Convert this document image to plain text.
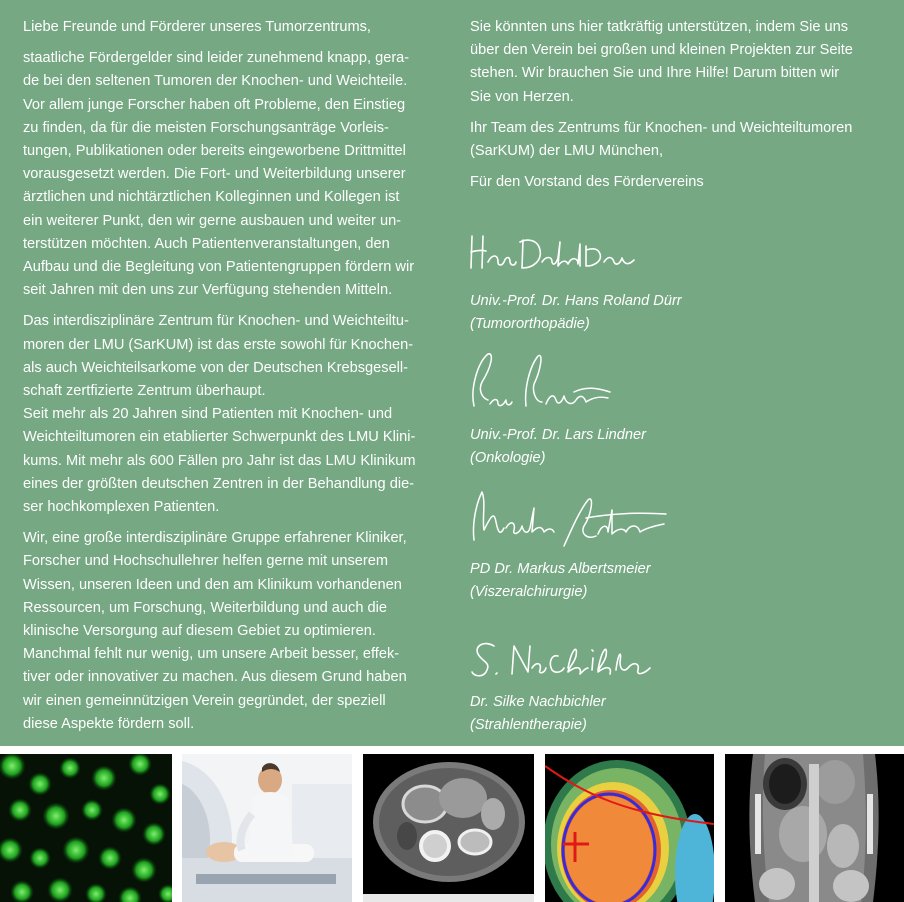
Liebe Freunde und Förderer unseres Tumorzentrums,

staatliche Fördergelder sind leider zunehmend knapp, gera-
de bei den seltenen Tumoren der Knochen- und Weichteile.
Vor allem junge Forscher haben oft Probleme, den Einstieg
zu finden, da für die meisten Forschungsanträge Vorleis-
tungen, Publikationen oder bereits eingeworbene Drittmittel
vorausgesetzt werden. Die Fort- und Weiterbildung unserer
ärztlichen und nichtärztlichen Kolleginnen und Kollegen ist
ein weiterer Punkt, den wir gerne ausbauen und weiter un-
terstützen möchten. Auch Patientenveranstaltungen, den
Aufbau und die Begleitung von Patientengruppen fördern wir
seit Jahren mit den uns zur Verfügung stehenden Mitteln.

Das interdisziplinäre Zentrum für Knochen- und Weichteiltu-
moren der LMU (SarKUM) ist das erste sowohl für Knochen-
als auch Weichteilsarkome von der Deutschen Krebsgesell-
schaft zertfizierte Zentrum überhaupt.
Seit mehr als 20 Jahren sind Patienten mit Knochen- und
Weichteiltumoren ein etablierter Schwerpunkt des LMU Klini-
kums. Mit mehr als 600 Fällen pro Jahr ist das LMU Klinikum
eines der größten deutschen Zentren in der Behandlung die-
ser hochkomplexen Patienten.

Wir, eine große interdisziplinäre Gruppe erfahrener Kliniker,
Forscher und Hochschullehrer helfen gerne mit unserem
Wissen, unseren Ideen und den am Klinikum vorhandenen
Ressourcen, um Forschung, Weiterbildung und auch die
klinische Versorgung auf diesem Gebiet zu optimieren.
Manchmal fehlt nur wenig, um unsere Arbeit besser, effek-
tiver oder innovativer zu machen. Aus diesem Grund haben
wir einen gemeinnützigen Verein gegründet, der speziell
diese Aspekte fördern soll.

Sie könnten uns hier tatkräftig unterstützen, indem Sie uns
über den Verein bei großen und kleinen Projekten zur Seite
stehen. Wir brauchen Sie und Ihre Hilfe! Darum bitten wir
Sie von Herzen.

Ihr Team des Zentrums für Knochen- und Weichteiltumoren
(SarKUM) der LMU München,

Für den Vorstand des Fördervereins

Univ.-Prof. Dr. Hans Roland Dürr
(Tumororthopädie)
Univ.-Prof. Dr. Lars Lindner
(Onkologie)
PD Dr. Markus Albertsmeier
(Viszeralchirurgie)
Dr. Silke Nachbichler
(Strahlentherapie)
